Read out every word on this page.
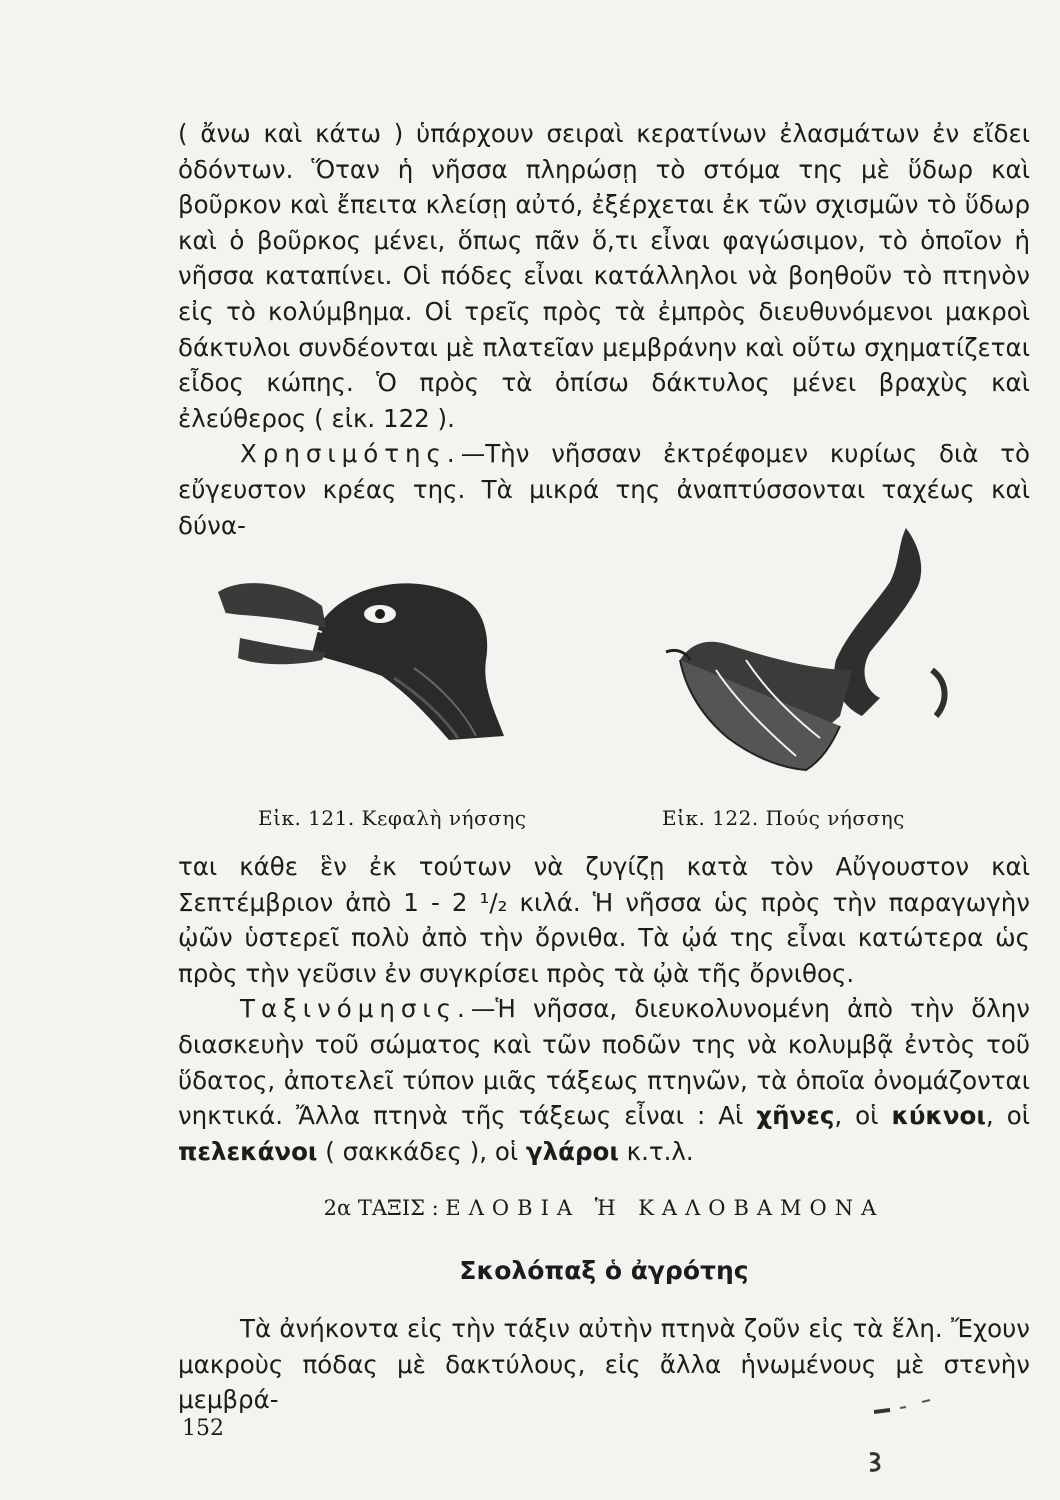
( ἄνω καὶ κάτω ) ὑπάρχουν σειραὶ κερατίνων ἐλασμάτων ἐν εἴδει ὀδόντων. Ὅταν ἡ νῆσσα πληρώσῃ τὸ στόμα της μὲ ὕδωρ καὶ βοῦρκον καὶ ἔπειτα κλείσῃ αὐτό, ἐξέρχεται ἐκ τῶν σχισμῶν τὸ ὕδωρ καὶ ὁ βοῦρκος μένει, ὅπως πᾶν ὅ,τι εἶναι φαγώσιμον, τὸ ὁποῖον ἡ νῆσσα καταπίνει. Οἱ πόδες εἶναι κατάλληλοι νὰ βοηθοῦν τὸ πτηνὸν εἰς τὸ κολύμβημα. Οἱ τρεῖς πρὸς τὰ ἐμπρὸς διευθυνόμενοι μακροὶ δάκτυλοι συνδέονται μὲ πλατεῖαν μεμβράνην καὶ οὕτω σχηματίζεται εἶδος κώπης. Ὁ πρὸς τὰ ὀπίσω δάκτυλος μένει βραχὺς καὶ ἐλεύθερος ( εἰκ. 122 ).

Χρησιμότης.—Τὴν νῆσσαν ἐκτρέφομεν κυρίως διὰ τὸ εὔγευστον κρέας της. Τὰ μικρά της ἀναπτύσσονται ταχέως καὶ δύνα-

Εἰκ. 121. Κεφαλὴ νήσσης	Εἰκ. 122. Πούς νήσσης

ται κάθε ἓν ἐκ τούτων νὰ ζυγίζῃ κατὰ τὸν Αὔγουστον καὶ Σεπτέμβριον ἀπὸ 1 - 2 ¹/₂ κιλά. Ἡ νῆσσα ὡς πρὸς τὴν παραγωγὴν ᾠῶν ὑστερεῖ πολὺ ἀπὸ τὴν ὄρνιθα. Τὰ ᾠά της εἶναι κατώτερα ὡς πρὸς τὴν γεῦσιν ἐν συγκρίσει πρὸς τὰ ᾠὰ τῆς ὄρνιθος.

Ταξινόμησις.—Ἡ νῆσσα, διευκολυνομένη ἀπὸ τὴν ὅλην διασκευὴν τοῦ σώματος καὶ τῶν ποδῶν της νὰ κολυμβᾷ ἐντὸς τοῦ ὕδατος, ἀποτελεῖ τύπον μιᾶς τάξεως πτηνῶν, τὰ ὁποῖα ὀνομάζονται νηκτικά. Ἄλλα πτηνὰ τῆς τάξεως εἶναι : Αἱ χῆνες, οἱ κύκνοι, οἱ πελεκάνοι ( σακκάδες ), οἱ γλάροι κ.τ.λ.

2α ΤΑΞΙΣ : ΕΛΟΒΙΑ Ἡ ΚΑΛΟΒΑΜΟΝΑ
Σκολόπαξ ὁ ἀγρότης

Τὰ ἀνήκοντα εἰς τὴν τάξιν αὐτὴν πτηνὰ ζοῦν εἰς τὰ ἕλη. Ἔχουν μακροὺς πόδας μὲ δακτύλους, εἰς ἄλλα ἡνωμένους μὲ στενὴν μεμβρά-

152
